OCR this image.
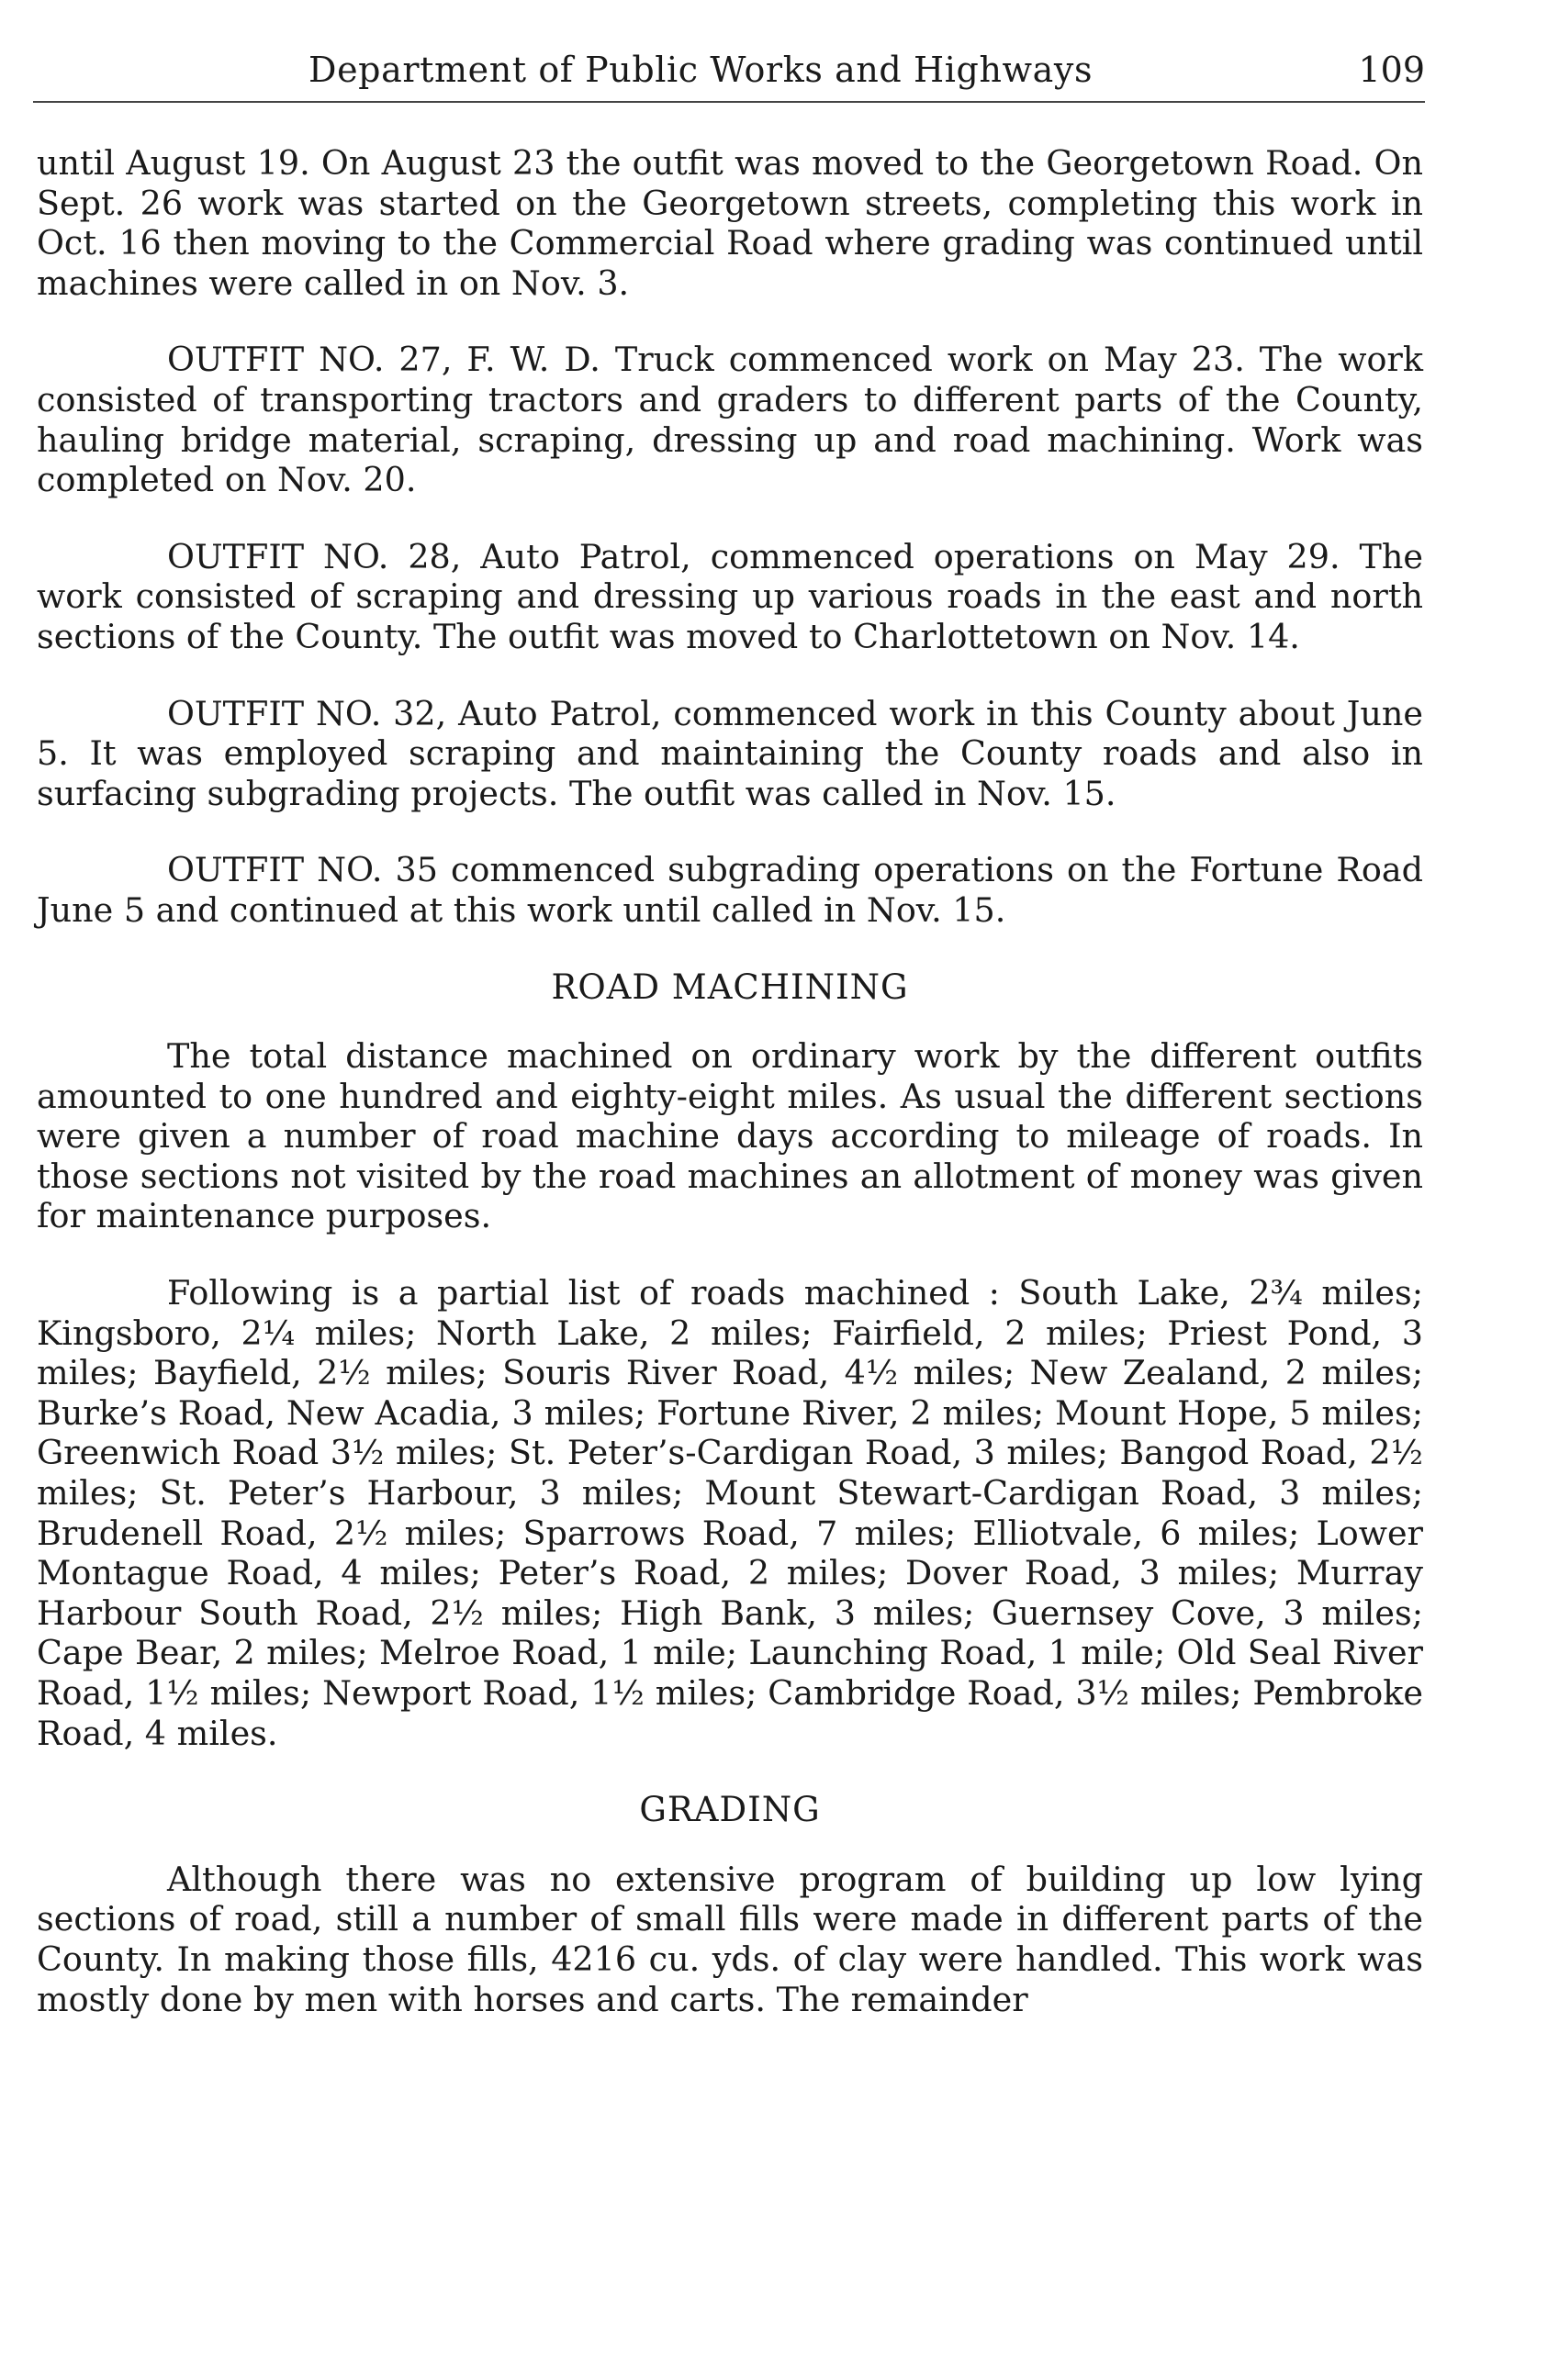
Department of Public Works and Highways	109

until August 19. On August 23 the outfit was moved to the Georgetown Road. On Sept. 26 work was started on the Georgetown streets, completing this work in Oct. 16 then moving to the Commercial Road where grading was continued until machines were called in on Nov. 3.

OUTFIT NO. 27, F. W. D. Truck commenced work on May 23. The work consisted of transporting tractors and graders to different parts of the County, hauling bridge material, scraping, dressing up and road machining. Work was completed on Nov. 20.

OUTFIT NO. 28, Auto Patrol, commenced operations on May 29. The work consisted of scraping and dressing up various roads in the east and north sections of the County. The outfit was moved to Charlottetown on Nov. 14.

OUTFIT NO. 32, Auto Patrol, commenced work in this County about June 5. It was employed scraping and maintaining the County roads and also in surfacing subgrading projects. The outfit was called in Nov. 15.

OUTFIT NO. 35 commenced subgrading operations on the Fortune Road June 5 and continued at this work until called in Nov. 15.

ROAD MACHINING

The total distance machined on ordinary work by the different outfits amounted to one hundred and eighty-eight miles. As usual the different sections were given a number of road machine days according to mileage of roads. In those sections not visited by the road machines an allotment of money was given for maintenance purposes.

Following is a partial list of roads machined : South Lake, 2¾ miles; Kingsboro, 2¼ miles; North Lake, 2 miles; Fairfield, 2 miles; Priest Pond, 3 miles; Bayfield, 2½ miles; Souris River Road, 4½ miles; New Zealand, 2 miles; Burke’s Road, New Acadia, 3 miles; Fortune River, 2 miles; Mount Hope, 5 miles; Greenwich Road 3½ miles; St. Peter’s-Cardigan Road, 3 miles; Bangod Road, 2½ miles; St. Peter’s Harbour, 3 miles; Mount Stewart-Cardigan Road, 3 miles; Brudenell Road, 2½ miles; Sparrows Road, 7 miles; Elliotvale, 6 miles; Lower Montague Road, 4 miles; Peter’s Road, 2 miles; Dover Road, 3 miles; Murray Harbour South Road, 2½ miles; High Bank, 3 miles; Guernsey Cove, 3 miles; Cape Bear, 2 miles; Melroe Road, 1 mile; Launching Road, 1 mile; Old Seal River Road, 1½ miles; Newport Road, 1½ miles; Cambridge Road, 3½ miles; Pembroke Road, 4 miles.

GRADING

Although there was no extensive program of building up low lying sections of road, still a number of small fills were made in different parts of the County. In making those fills, 4216 cu. yds. of clay were handled. This work was mostly done by men with horses and carts. The remainder
